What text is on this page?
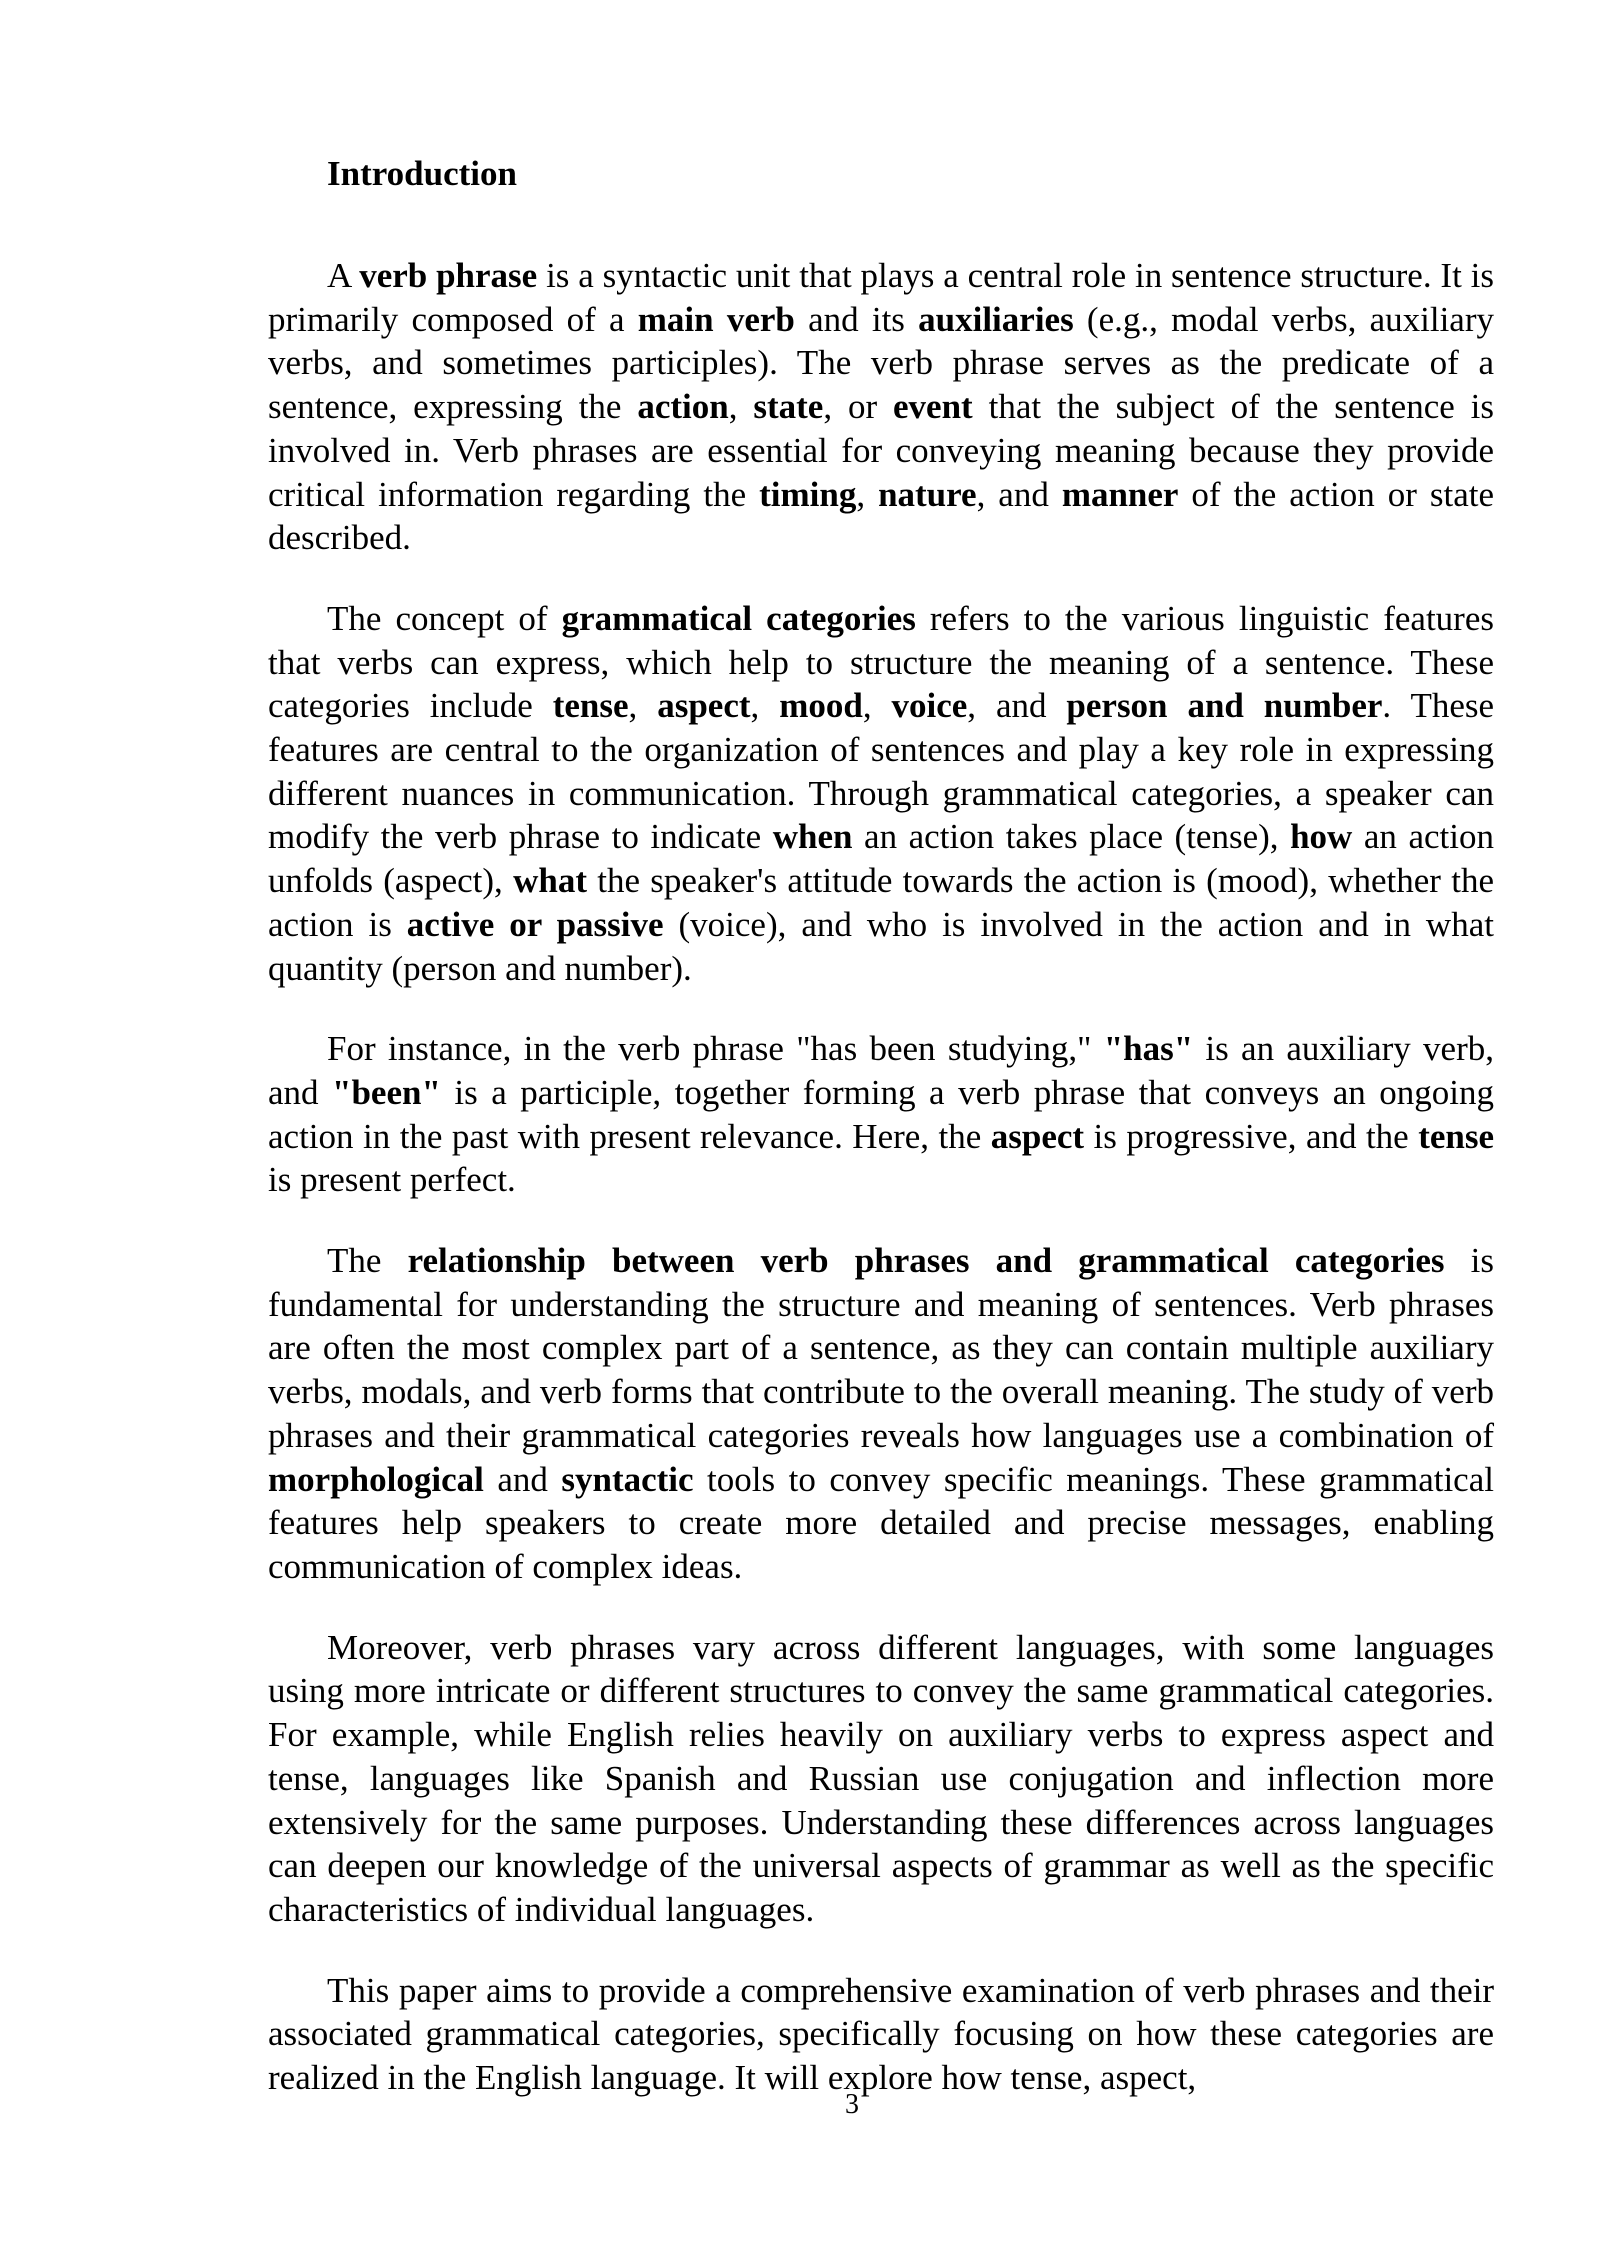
Introduction

A verb phrase is a syntactic unit that plays a central role in sentence structure. It is primarily composed of a main verb and its auxiliaries (e.g., modal verbs, auxiliary verbs, and sometimes participles). The verb phrase serves as the predicate of a sentence, expressing the action, state, or event that the subject of the sentence is involved in. Verb phrases are essential for conveying meaning because they provide critical information regarding the timing, nature, and manner of the action or state described.

The concept of grammatical categories refers to the various linguistic features that verbs can express, which help to structure the meaning of a sentence. These categories include tense, aspect, mood, voice, and person and number. These features are central to the organization of sentences and play a key role in expressing different nuances in communication. Through grammatical categories, a speaker can modify the verb phrase to indicate when an action takes place (tense), how an action unfolds (aspect), what the speaker's attitude towards the action is (mood), whether the action is active or passive (voice), and who is involved in the action and in what quantity (person and number).

For instance, in the verb phrase "has been studying," "has" is an auxiliary verb, and "been" is a participle, together forming a verb phrase that conveys an ongoing action in the past with present relevance. Here, the aspect is progressive, and the tense is present perfect.

The relationship between verb phrases and grammatical categories is fundamental for understanding the structure and meaning of sentences. Verb phrases are often the most complex part of a sentence, as they can contain multiple auxiliary verbs, modals, and verb forms that contribute to the overall meaning. The study of verb phrases and their grammatical categories reveals how languages use a combination of morphological and syntactic tools to convey specific meanings. These grammatical features help speakers to create more detailed and precise messages, enabling communication of complex ideas.

Moreover, verb phrases vary across different languages, with some languages using more intricate or different structures to convey the same grammatical categories. For example, while English relies heavily on auxiliary verbs to express aspect and tense, languages like Spanish and Russian use conjugation and inflection more extensively for the same purposes. Understanding these differences across languages can deepen our knowledge of the universal aspects of grammar as well as the specific characteristics of individual languages.

This paper aims to provide a comprehensive examination of verb phrases and their associated grammatical categories, specifically focusing on how these categories are realized in the English language. It will explore how tense, aspect,

3
